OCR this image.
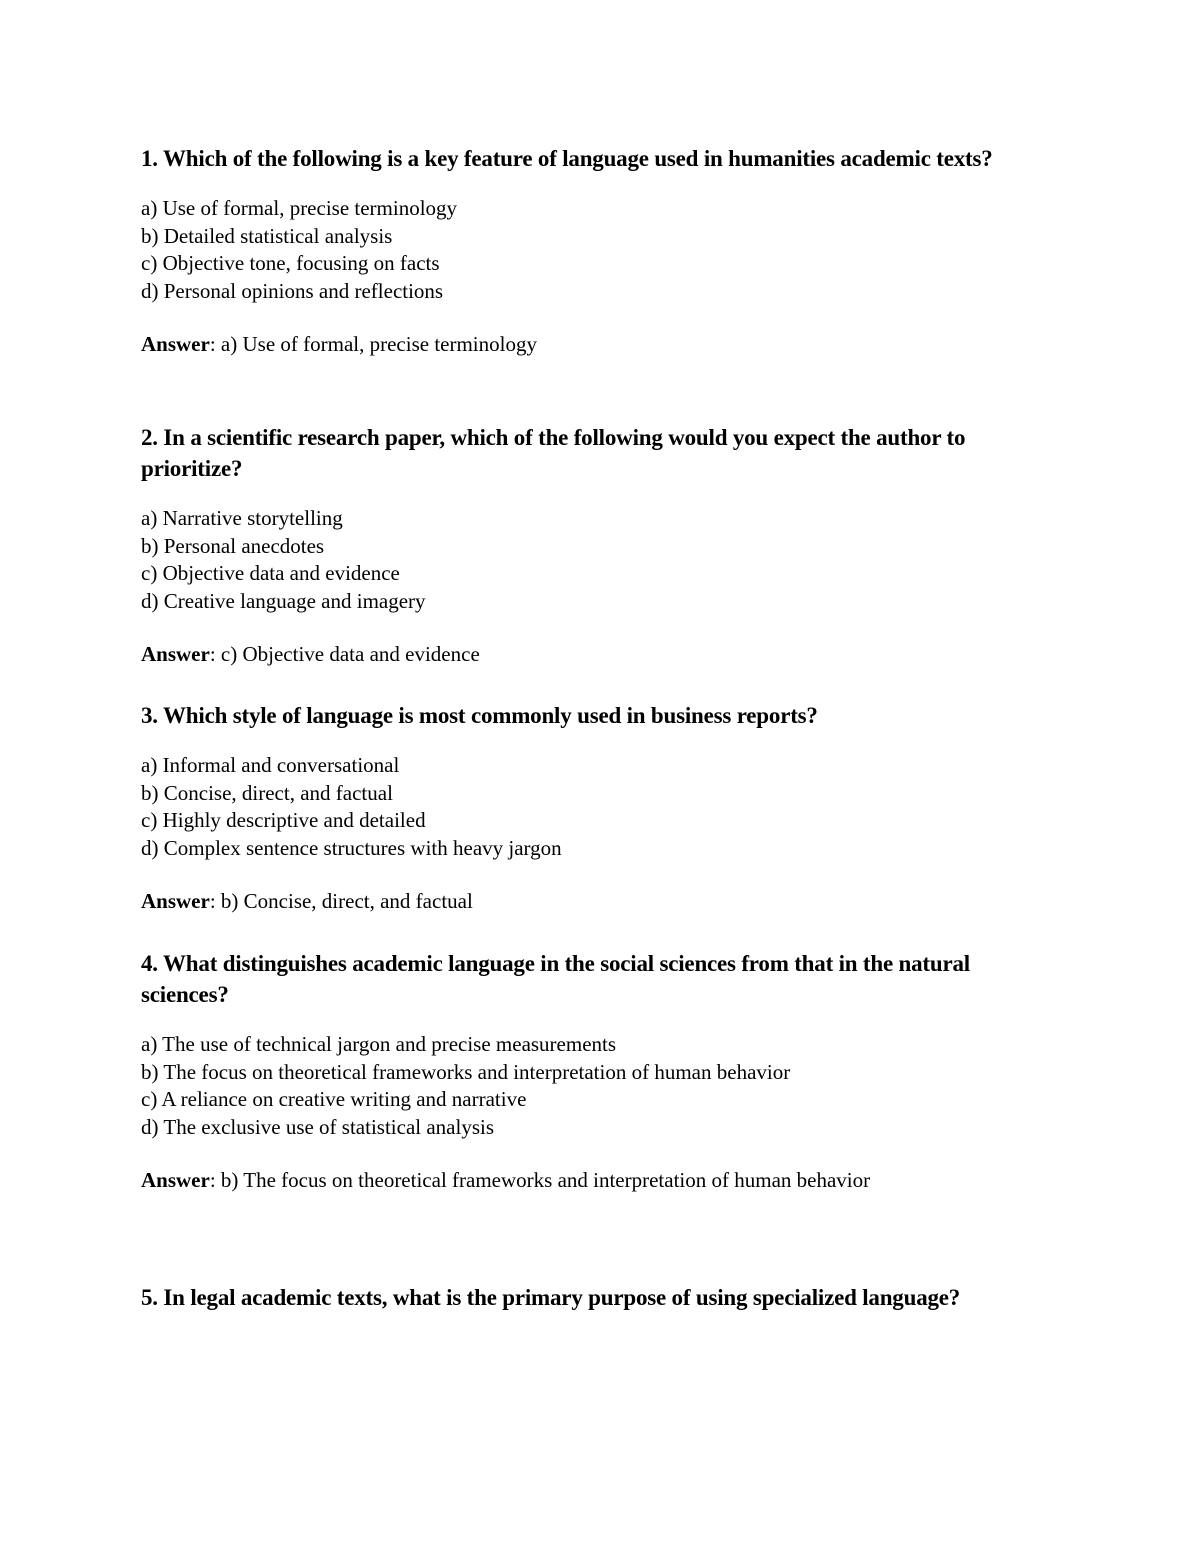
1. Which of the following is a key feature of language used in humanities academic texts?

a) Use of formal, precise terminology
b) Detailed statistical analysis
c) Objective tone, focusing on facts
d) Personal opinions and reflections
Answer: a) Use of formal, precise terminology

2. In a scientific research paper, which of the following would you expect the author to prioritize?

a) Narrative storytelling
b) Personal anecdotes
c) Objective data and evidence
d) Creative language and imagery
Answer: c) Objective data and evidence

3. Which style of language is most commonly used in business reports?

a) Informal and conversational
b) Concise, direct, and factual
c) Highly descriptive and detailed
d) Complex sentence structures with heavy jargon
Answer: b) Concise, direct, and factual

4. What distinguishes academic language in the social sciences from that in the natural sciences?

a) The use of technical jargon and precise measurements
b) The focus on theoretical frameworks and interpretation of human behavior
c) A reliance on creative writing and narrative
d) The exclusive use of statistical analysis
Answer: b) The focus on theoretical frameworks and interpretation of human behavior

5. In legal academic texts, what is the primary purpose of using specialized language?
